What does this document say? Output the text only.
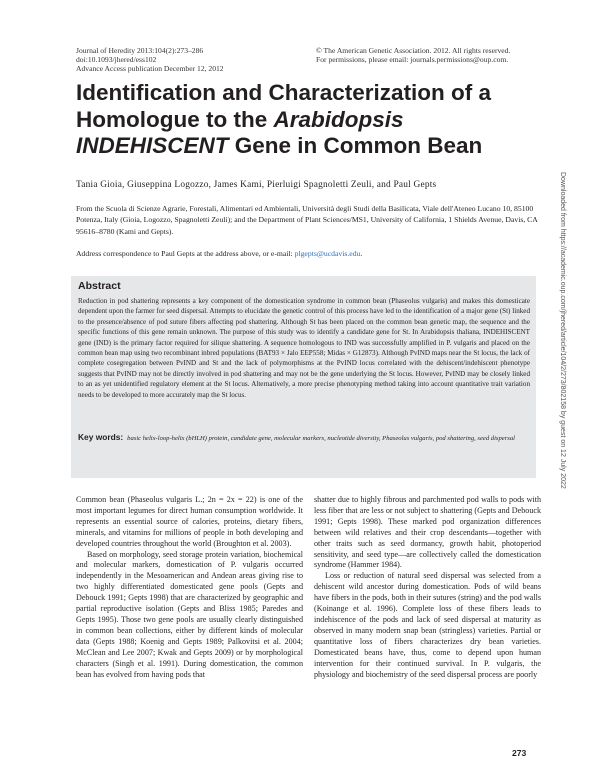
Journal of Heredity 2013:104(2):273–286
doi:10.1093/jhered/ess102
Advance Access publication December 12, 2012
© The American Genetic Association. 2012. All rights reserved.
For permissions, please email: journals.permissions@oup.com.
Identification and Characterization of a Homologue to the Arabidopsis INDEHISCENT Gene in Common Bean
Tania Gioia, Giuseppina Logozzo, James Kami, Pierluigi Spagnoletti Zeuli, and Paul Gepts
From the Scuola di Scienze Agrarie, Forestali, Alimentari ed Ambientali, Università degli Studi della Basilicata, Viale dell'Ateneo Lucano 10, 85100 Potenza, Italy (Gioia, Logozzo, Spagnoletti Zeuli); and the Department of Plant Sciences/MS1, University of California, 1 Shields Avenue, Davis, CA 95616–8780 (Kami and Gepts).
Address correspondence to Paul Gepts at the address above, or e-mail: plgepts@ucdavis.edu.
Abstract
Reduction in pod shattering represents a key component of the domestication syndrome in common bean (Phaseolus vulgaris) and makes this domesticate dependent upon the farmer for seed dispersal. Attempts to elucidate the genetic control of this process have led to the identification of a major gene (St) linked to the presence/absence of pod suture fibers affecting pod shattering. Although St has been placed on the common bean genetic map, the sequence and the specific functions of this gene remain unknown. The purpose of this study was to identify a candidate gene for St. In Arabidopsis thaliana, INDEHISCENT gene (IND) is the primary factor required for silique shattering. A sequence homologous to IND was successfully amplified in P. vulgaris and placed on the common bean map using two recombinant inbred populations (BAT93 × Jalo EEP558; Midas × G12873). Although PvIND maps near the St locus, the lack of complete cosegregation between PvIND and St and the lack of polymorphisms at the PvIND locus correlated with the dehiscent/indehiscent phenotype suggests that PvIND may not be directly involved in pod shattering and may not be the gene underlying the St locus. However, PvIND may be closely linked to an as yet unidentified regulatory element at the St locus. Alternatively, a more precise phenotyping method taking into account quantitative trait variation needs to be developed to more accurately map the St locus.
Key words: basic helix-loop-helix (bHLH) protein, candidate gene, molecular markers, nucleotide diversity, Phaseolus vulgaris, pod shattering, seed dispersal

Common bean (Phaseolus vulgaris L.; 2n = 2x = 22) is one of the most important legumes for direct human consumption worldwide. It represents an essential source of calories, proteins, dietary fibers, minerals, and vitamins for millions of people in both developing and developed countries throughout the world (Broughton et al. 2003).

Based on morphology, seed storage protein variation, biochemical and molecular markers, domestication of P. vulgaris occurred independently in the Mesoamerican and Andean areas giving rise to two highly differentiated domesticated gene pools (Gepts and Debouck 1991; Gepts 1998) that are characterized by geographic and partial reproductive isolation (Gepts and Bliss 1985; Paredes and Gepts 1995). Those two gene pools are usually clearly distinguished in common bean collections, either by different kinds of molecular data (Gepts 1988; Koenig and Gepts 1989; Palkovitsi et al. 2004; McClean and Lee 2007; Kwak and Gepts 2009) or by morphological characters (Singh et al. 1991). During domestication, the common bean has evolved from having pods that

shatter due to highly fibrous and parchmented pod walls to pods with less fiber that are less or not subject to shattering (Gepts and Debouck 1991; Gepts 1998). These marked pod organization differences between wild relatives and their crop descendants—together with other traits such as seed dormancy, growth habit, photoperiod sensitivity, and seed type—are collectively called the domestication syndrome (Hammer 1984).

Loss or reduction of natural seed dispersal was selected from a dehiscent wild ancestor during domestication. Pods of wild beans have fibers in the pods, both in their sutures (string) and the pod walls (Koinange et al. 1996). Complete loss of these fibers leads to indehiscence of the pods and lack of seed dispersal at maturity as observed in many modern snap bean (stringless) varieties. Partial or quantitative loss of fibers characterizes dry bean varieties. Domesticated beans have, thus, come to depend upon human intervention for their continued survival. In P. vulgaris, the physiology and biochemistry of the seed dispersal process are poorly

273
Downloaded from https://academic.oup.com/jhered/article/104/2/273/802158 by guest on 12 July 2022
